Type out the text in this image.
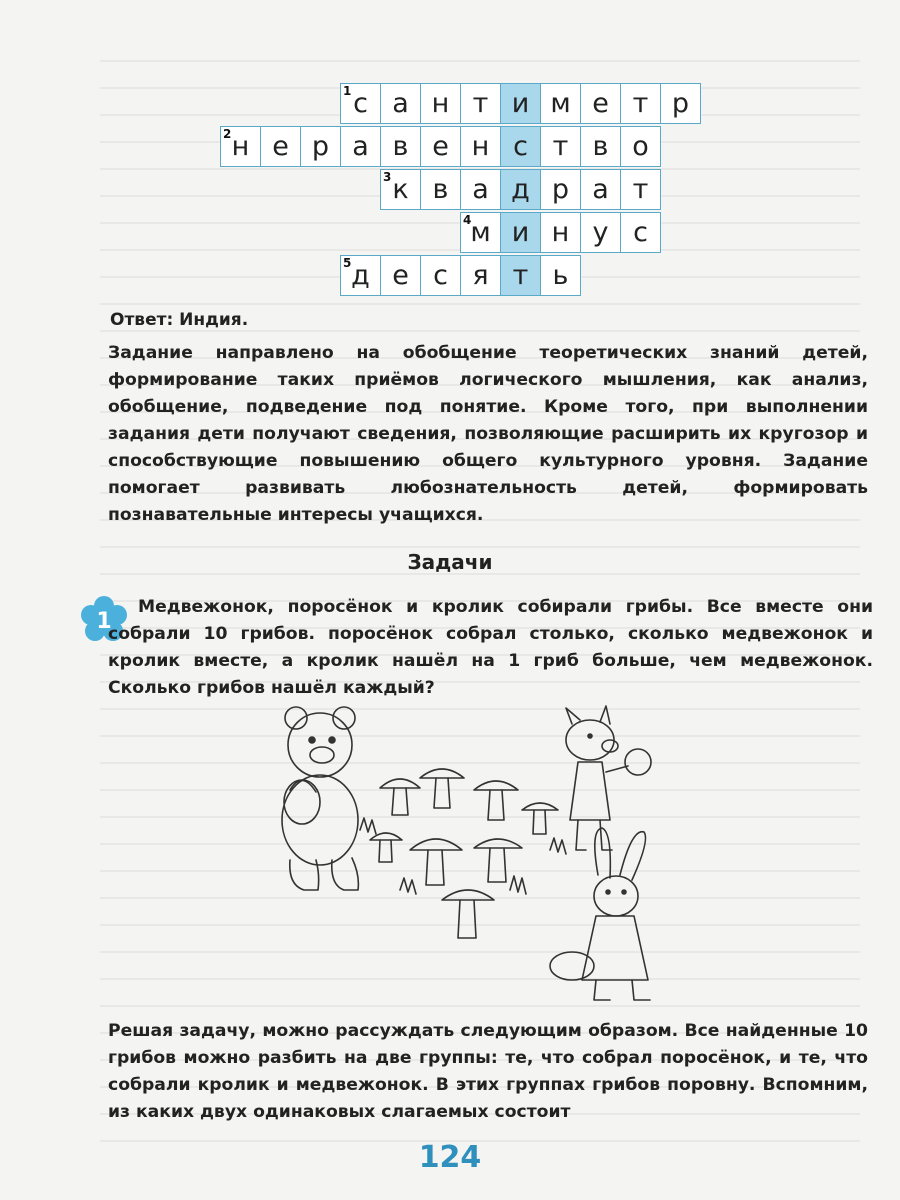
1 с а н т и м е т р
2 н е р а в е н с т в о
3 к в а д р а т
4
м и н у с
5 д е с я т ь
Ответ: Индия.
Задание направлено на обобщение теоретических знаний детей, формирование таких приёмов логического мышления, как анализ, обобщение, подведение под понятие. Кроме того, при выполнении задания дети получают сведения, позволяющие расширить их кругозор и способствующие повышению общего культурного уровня. Задание помогает развивать любознательность детей, формировать познавательные интересы учащихся.
Задачи
1
Медвежонок, поросёнок и кролик собирали грибы. Все вместе они собрали 10 грибов. поросёнок собрал столько, сколько медвежонок и кролик вместе, а кролик нашёл на 1 гриб больше, чем медвежонок. Сколько грибов нашёл каждый?
Решая задачу, можно рассуждать следующим образом. Все найденные 10 грибов можно разбить на две группы: те, что собрал поросёнок, и те, что собрали кролик и медвежонок. В этих группах грибов поровну. Вспомним, из каких двух одинаковых слагаемых состоит
124
